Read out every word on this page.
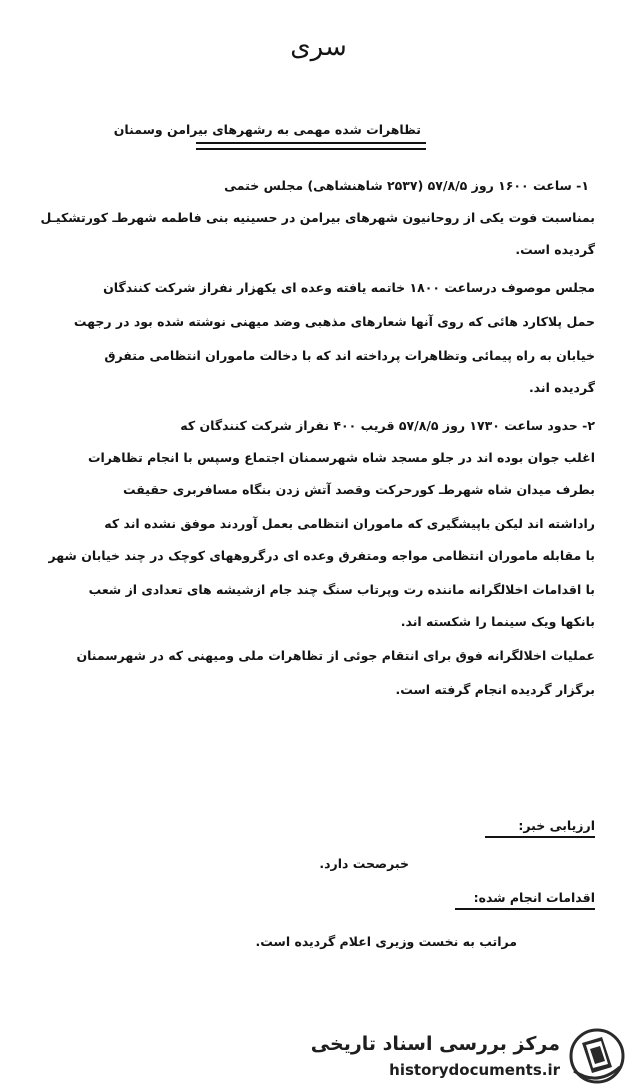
سری
تظاهرات شده مهمی به رشهرهای بیرامن وسمنان
۱- ساعت ۱۶۰۰ روز ۵۷/۸/۵ (۲۵۳۷ شاهنشاهی) مجلس ختمی
بمناسبت فوت یکی از روحانیون شهرهای بیرامن در حسینیه بنی فاطمه شهرطـ کورتشکیـل
گردیده است.
مجلس موصوف درساعت ۱۸۰۰ خاتمه یافته وعده ای یکهزار نفراز شرکت کنندگان
حمل پلاکارد هائی که روی آنها شعارهای مذهبی وضد میهنی نوشته شده بود در رجهت
خیابان به راه پیمائی وتظاهرات پرداخته اند که با دخالت ماموران انتظامی متفرق
گردیده اند.
۲- حدود ساعت ۱۷۳۰ روز ۵۷/۸/۵ قریب ۴۰۰ نفراز شرکت کنندگان که
اغلب جوان بوده اند در جلو مسجد شاه شهرسمنان اجتماع وسپس با انجام تظاهرات
بطرف میدان شاه شهرطـ کورحرکت وقصد آتش زدن بنگاه مسافربری حقیقت
راداشته اند لیکن باپیشگیری که ماموران انتظامی بعمل آوردند موفق نشده اند که
با مقابله ماموران انتظامی مواجه ومتفرق وعده ای درگروههای کوچک در چند خیابان شهر
با اقدامات اخلالگرانه ماننده رت وپرتاب سنگ چند جام ازشیشه های تعدادی از شعب
بانکها ویک سینما را شکسته اند.
عملیات اخلالگرانه فوق برای انتقام جوئی از تظاهرات ملی ومیهنی که در شهرسمنان
برگزار گردیده انجام گرفته است.
ارزیابی خبر:
خبرصحت دارد.
اقدامات انجام شده:
مراتب به نخست وزیری اعلام گردیده است.
مرکز بررسی اسناد تاریخی
historydocuments.ir
